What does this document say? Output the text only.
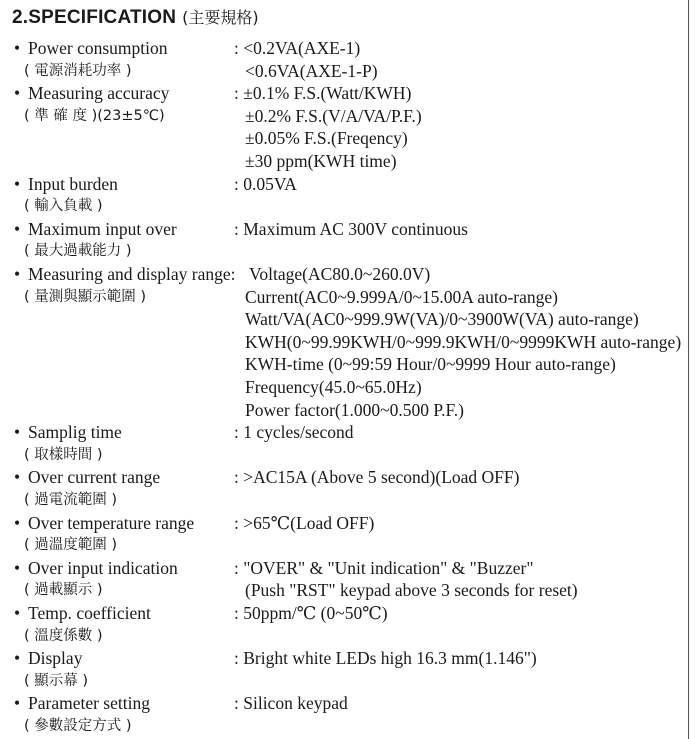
2.SPECIFICATION (主要規格)
• Power consumption
( 電源消耗功率 )
: <0.2VA(AXE-1)
<0.6VA(AXE-1-P)
• Measuring accuracy
( 準 確 度 )(23±5℃)
: ±0.1% F.S.(Watt/KWH)
±0.2% F.S.(V/A/VA/P.F.)
±0.05% F.S.(Freqency)
±30 ppm(KWH time)
• Input burden
( 輸入負載 )
: 0.05VA
• Maximum input over
( 最大過載能力 )
: Maximum AC 300V continuous
• Measuring and display range:
( 量測與顯示範圍 )
Voltage(AC80.0~260.0V)
Current(AC0~9.999A/0~15.00A auto-range)
Watt/VA(AC0~999.9W(VA)/0~3900W(VA) auto-range)
KWH(0~99.99KWH/0~999.9KWH/0~9999KWH auto-range)
KWH-time (0~99:59 Hour/0~9999 Hour auto-range)
Frequency(45.0~65.0Hz)
Power factor(1.000~0.500 P.F.)
• Samplig time
( 取樣時間 )
: 1 cycles/second
• Over current range
( 過電流範圍 )
: >AC15A (Above 5 second)(Load OFF)
• Over temperature range
( 過溫度範圍 )
: >65℃(Load OFF)
• Over input indication
( 過載顯示 )
: "OVER" & "Unit indication" & "Buzzer"
(Push "RST" keypad above 3 seconds for reset)
• Temp. coefficient
( 溫度係數 )
: 50ppm/℃ (0~50℃)
• Display
( 顯示幕 )
: Bright white LEDs high 16.3 mm(1.146")
• Parameter setting
( 參數設定方式 )
: Silicon keypad
